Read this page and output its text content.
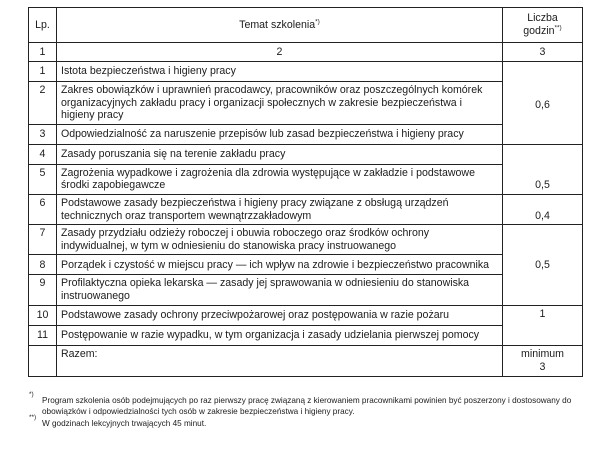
Lp.	Temat szkolenia*)	Liczba
godzin**)
1	2	3
1	Istota bezpieczeństwa i higieny pracy	0,6
2	Zakres obowiązków i uprawnień pracodawcy, pracowników oraz poszczególnych komórek organizacyjnych zakładu pracy i organizacji społecznych w zakresie bezpieczeństwa i higieny pracy	
3	Odpowiedzialność za naruszenie przepisów lub zasad bezpieczeństwa i higieny pracy	
4	Zasady poruszania się na terenie zakładu pracy	0,5
5	Zagrożenia wypadkowe i zagrożenia dla zdrowia występujące w zakładzie i podstawowe środki zapobiegawcze	
6	Podstawowe zasady bezpieczeństwa i higieny pracy związane z obsługą urządzeń technicznych oraz transportem wewnątrzzakładowym	0,4
7	Zasady przydziału odzieży roboczej i obuwia roboczego oraz środków ochrony indywidualnej, w tym w odniesieniu do stanowiska pracy instruowanego	0,5
8	Porządek i czystość w miejscu pracy — ich wpływ na zdrowie i bezpieczeństwo pracownika	
9	Profilaktyczna opieka lekarska — zasady jej sprawowania w odniesieniu do stanowiska instruowanego	
10	Podstawowe zasady ochrony przeciwpożarowej oraz postępowania w razie pożaru	1
11	Postępowanie w razie wypadku, w tym organizacja i zasady udzielania pierwszej pomocy	
	Razem:	minimum
3
*)
Program szkolenia osób podejmujących po raz pierwszy pracę związaną z kierowaniem pracownikami powinien być poszerzony i dostosowany do obowiązków i odpowiedzialności tych osób w zakresie bezpieczeństwa i higieny pracy.
**)
W godzinach lekcyjnych trwających 45 minut.
